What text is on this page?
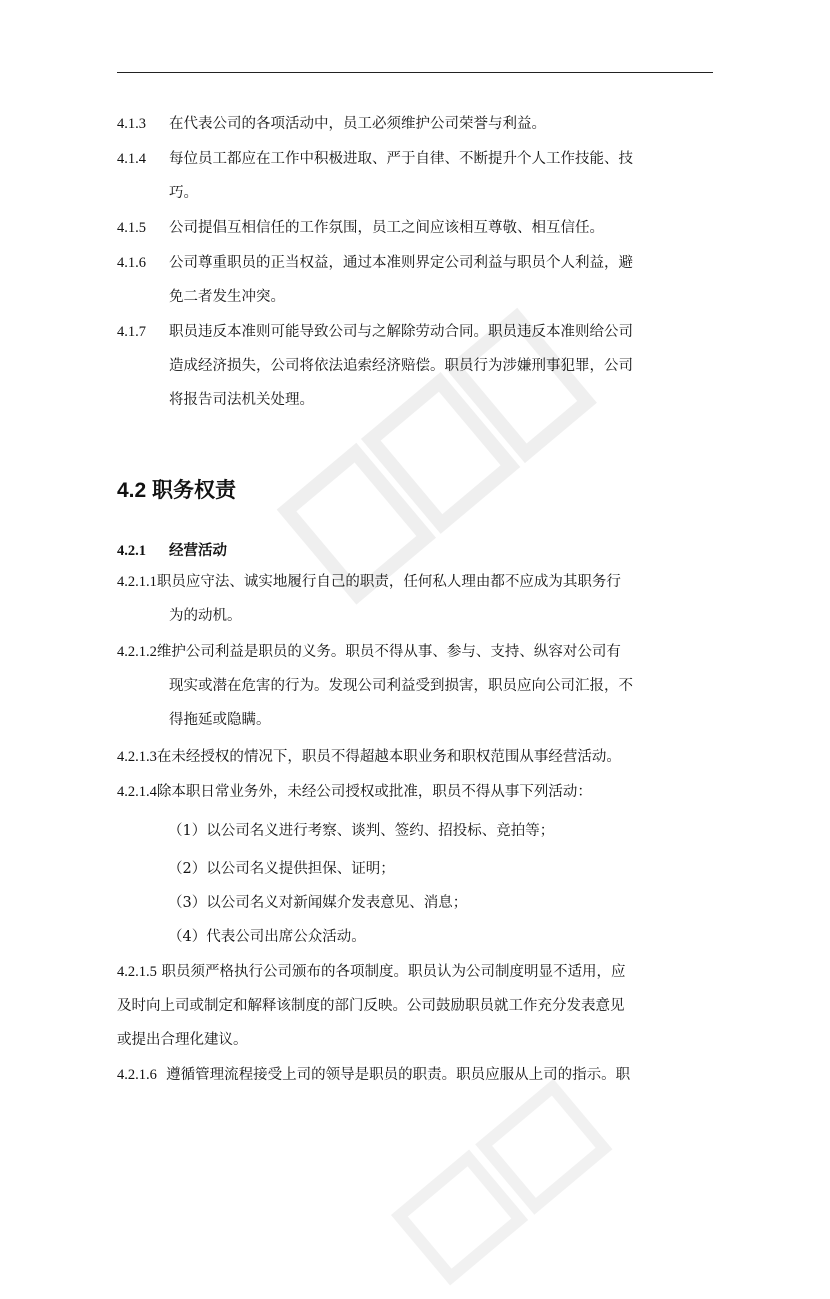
4.1.3 在代表公司的各项活动中，员工必须维护公司荣誉与利益。
4.1.4 每位员工都应在工作中积极进取、严于自律、不断提升个人工作技能、技
巧。
4.1.5 公司提倡互相信任的工作氛围，员工之间应该相互尊敬、相互信任。
4.1.6 公司尊重职员的正当权益，通过本准则界定公司利益与职员个人利益，避
免二者发生冲突。
4.1.7 职员违反本准则可能导致公司与之解除劳动合同。职员违反本准则给公司
造成经济损失，公司将依法追索经济赔偿。职员行为涉嫌刑事犯罪，公司
将报告司法机关处理。
4.2 职务权责
4.2.1 经营活动
4.2.1.1职员应守法、诚实地履行自己的职责，任何私人理由都不应成为其职务行
为的动机。
4.2.1.2维护公司利益是职员的义务。职员不得从事、参与、支持、纵容对公司有
现实或潜在危害的行为。发现公司利益受到损害，职员应向公司汇报，不
得拖延或隐瞒。
4.2.1.3在未经授权的情况下，职员不得超越本职业务和职权范围从事经营活动。
4.2.1.4除本职日常业务外，未经公司授权或批准，职员不得从事下列活动：
（1）以公司名义进行考察、谈判、签约、招投标、竞拍等；
（2）以公司名义提供担保、证明；
（3）以公司名义对新闻媒介发表意见、消息；
（4）代表公司出席公众活动。
4.2.1.5 职员须严格执行公司颁布的各项制度。职员认为公司制度明显不适用，应
及时向上司或制定和解释该制度的部门反映。公司鼓励职员就工作充分发表意见
或提出合理化建议。
4.2.1.6 遵循管理流程接受上司的领导是职员的职责。职员应服从上司的指示。职
